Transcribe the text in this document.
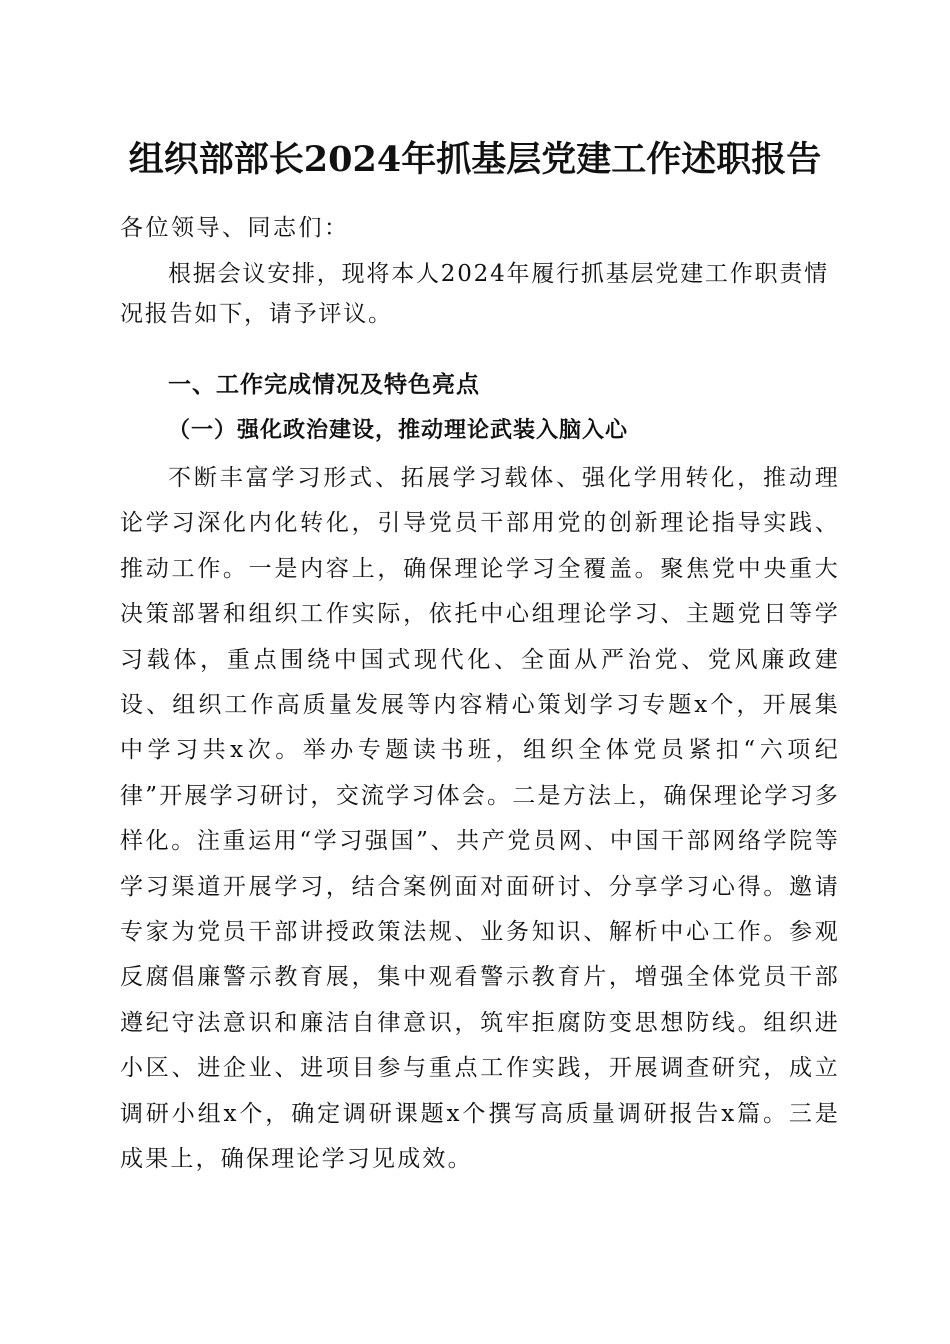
组织部部长2024年抓基层党建工作述职报告

各位领导、同志们：

根据会议安排，现将本人2024年履行抓基层党建工作职责情况报告如下，请予评议。

一、工作完成情况及特色亮点
（一）强化政治建设，推动理论武装入脑入心

不断丰富学习形式、拓展学习载体、强化学用转化，推动理论学习深化内化转化，引导党员干部用党的创新理论指导实践、推动工作。一是内容上，确保理论学习全覆盖。聚焦党中央重大决策部署和组织工作实际，依托中心组理论学习、主题党日等学习载体，重点围绕中国式现代化、全面从严治党、党风廉政建设、组织工作高质量发展等内容精心策划学习专题x个，开展集中学习共x次。举办专题读书班，组织全体党员紧扣“六项纪律”开展学习研讨，交流学习体会。二是方法上，确保理论学习多样化。注重运用“学习强国”、共产党员网、中国干部网络学院等学习渠道开展学习，结合案例面对面研讨、分享学习心得。邀请专家为党员干部讲授政策法规、业务知识、解析中心工作。参观反腐倡廉警示教育展，集中观看警示教育片，增强全体党员干部遵纪守法意识和廉洁自律意识，筑牢拒腐防变思想防线。组织进小区、进企业、进项目参与重点工作实践，开展调查研究，成立调研小组x个，确定调研课题x个撰写高质量调研报告x篇。三是成果上，确保理论学习见成效。
